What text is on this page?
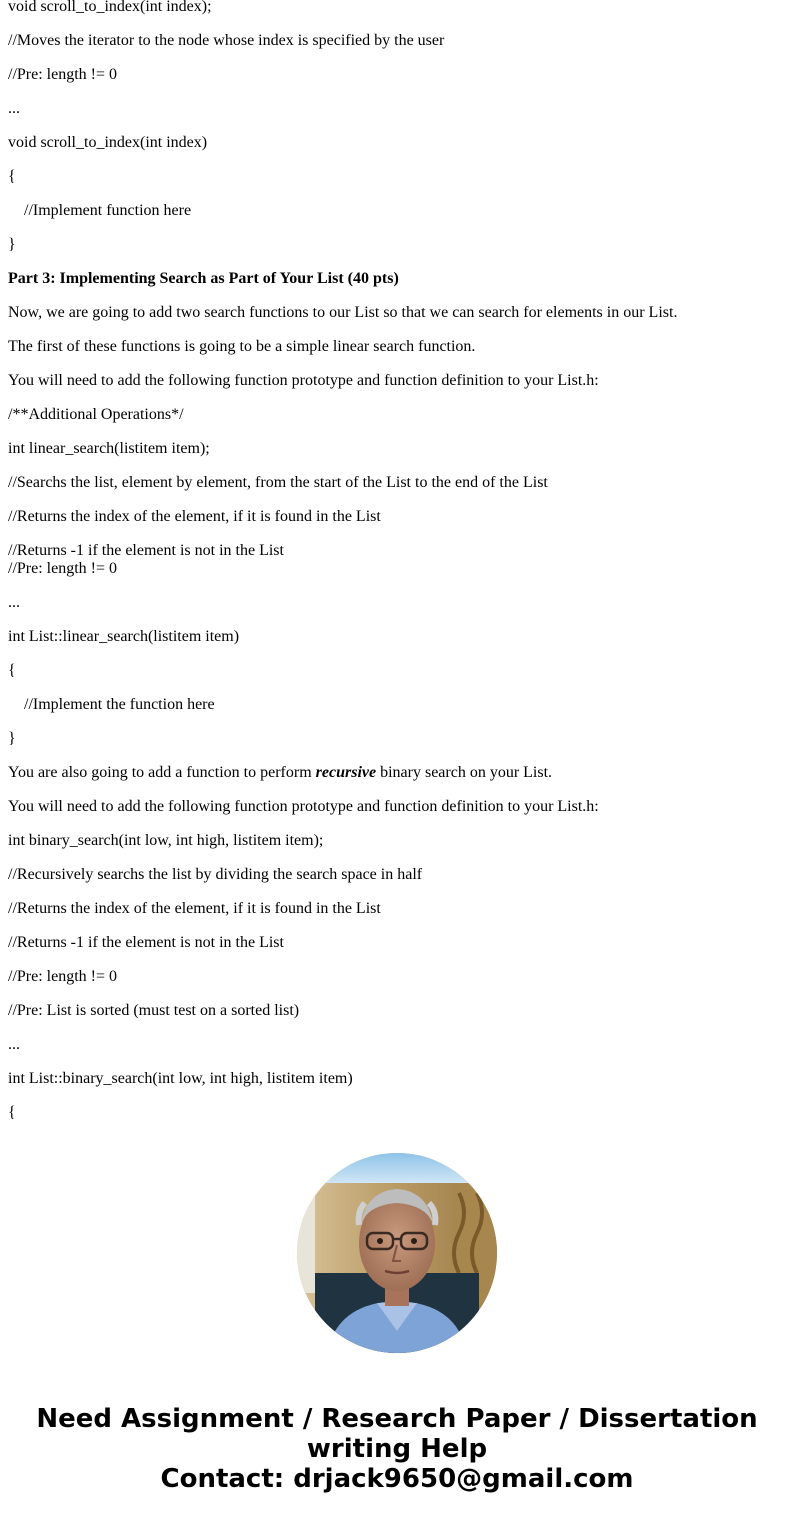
void scroll_to_index(int index);

//Moves the iterator to the node whose index is specified by the user

//Pre: length != 0

...

void scroll_to_index(int index)

{

//Implement function here

}

Part 3: Implementing Search as Part of Your List (40 pts)

Now, we are going to add two search functions to our List so that we can search for elements in our List.

The first of these functions is going to be a simple linear search function.

You will need to add the following function prototype and function definition to your List.h:

/**Additional Operations*/

int linear_search(listitem item);

//Searchs the list, element by element, from the start of the List to the end of the List

//Returns the index of the element, if it is found in the List

//Returns -1 if the element is not in the List

//Pre: length != 0

...

int List::linear_search(listitem item)

{

//Implement the function here

}

You are also going to add a function to perform recursive binary search on your List.

You will need to add the following function prototype and function definition to your List.h:

int binary_search(int low, int high, listitem item);

//Recursively searchs the list by dividing the search space in half

//Returns the index of the element, if it is found in the List

//Returns -1 if the element is not in the List

//Pre: length != 0

//Pre: List is sorted (must test on a sorted list)

...

int List::binary_search(int low, int high, listitem item)

{

Need Assignment / Research Paper / Dissertation
writing Help
Contact: drjack9650@gmail.com
